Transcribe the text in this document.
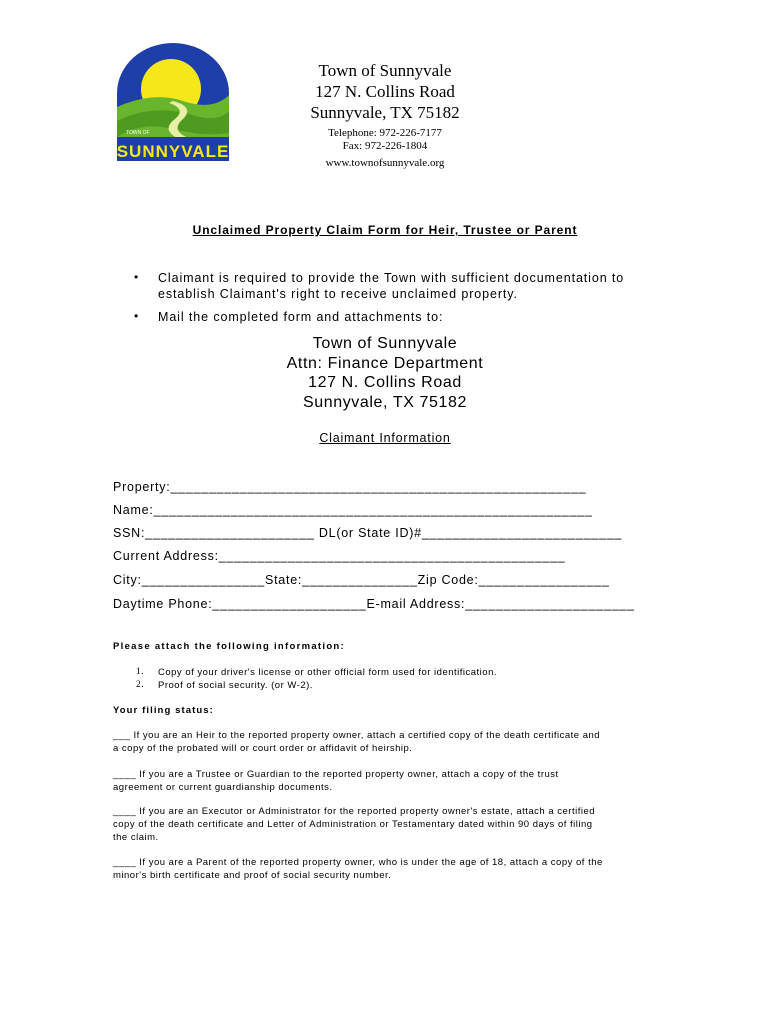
TOWN OF
SUNNYVALE
Town of Sunnyvale
127 N. Collins Road
Sunnyvale, TX 75182
Telephone: 972-226-7177
Fax: 972-226-1804
www.townofsunnyvale.org
Unclaimed Property Claim Form for Heir, Trustee or Parent
• Claimant is required to provide the Town with sufficient documentation to
establish Claimant's right to receive unclaimed property.
• Mail the completed form and attachments to:
Town of Sunnyvale
Attn: Finance Department
127 N. Collins Road
Sunnyvale, TX 75182
Claimant Information
Property:______________________________________________________
Name:_________________________________________________________
SSN:______________________ DL(or State ID)#__________________________
Current Address:_____________________________________________
City:________________State:_______________Zip Code:_________________
Daytime Phone:____________________E-mail Address:______________________
Please attach the following information:
1. Copy of your driver's license or other official form used for identification.
2. Proof of social security. (or W-2).
Your filing status:
___ If you are an Heir to the reported property owner, attach a certified copy of the death certificate and
a copy of the probated will or court order or affidavit of heirship.
____ If you are a Trustee or Guardian to the reported property owner, attach a copy of the trust
agreement or current guardianship documents.
____ If you are an Executor or Administrator for the reported property owner's estate, attach a certified
copy of the death certificate and Letter of Administration or Testamentary dated within 90 days of filing
the claim.
____ If you are a Parent of the reported property owner, who is under the age of 18, attach a copy of the
minor's birth certificate and proof of social security number.
